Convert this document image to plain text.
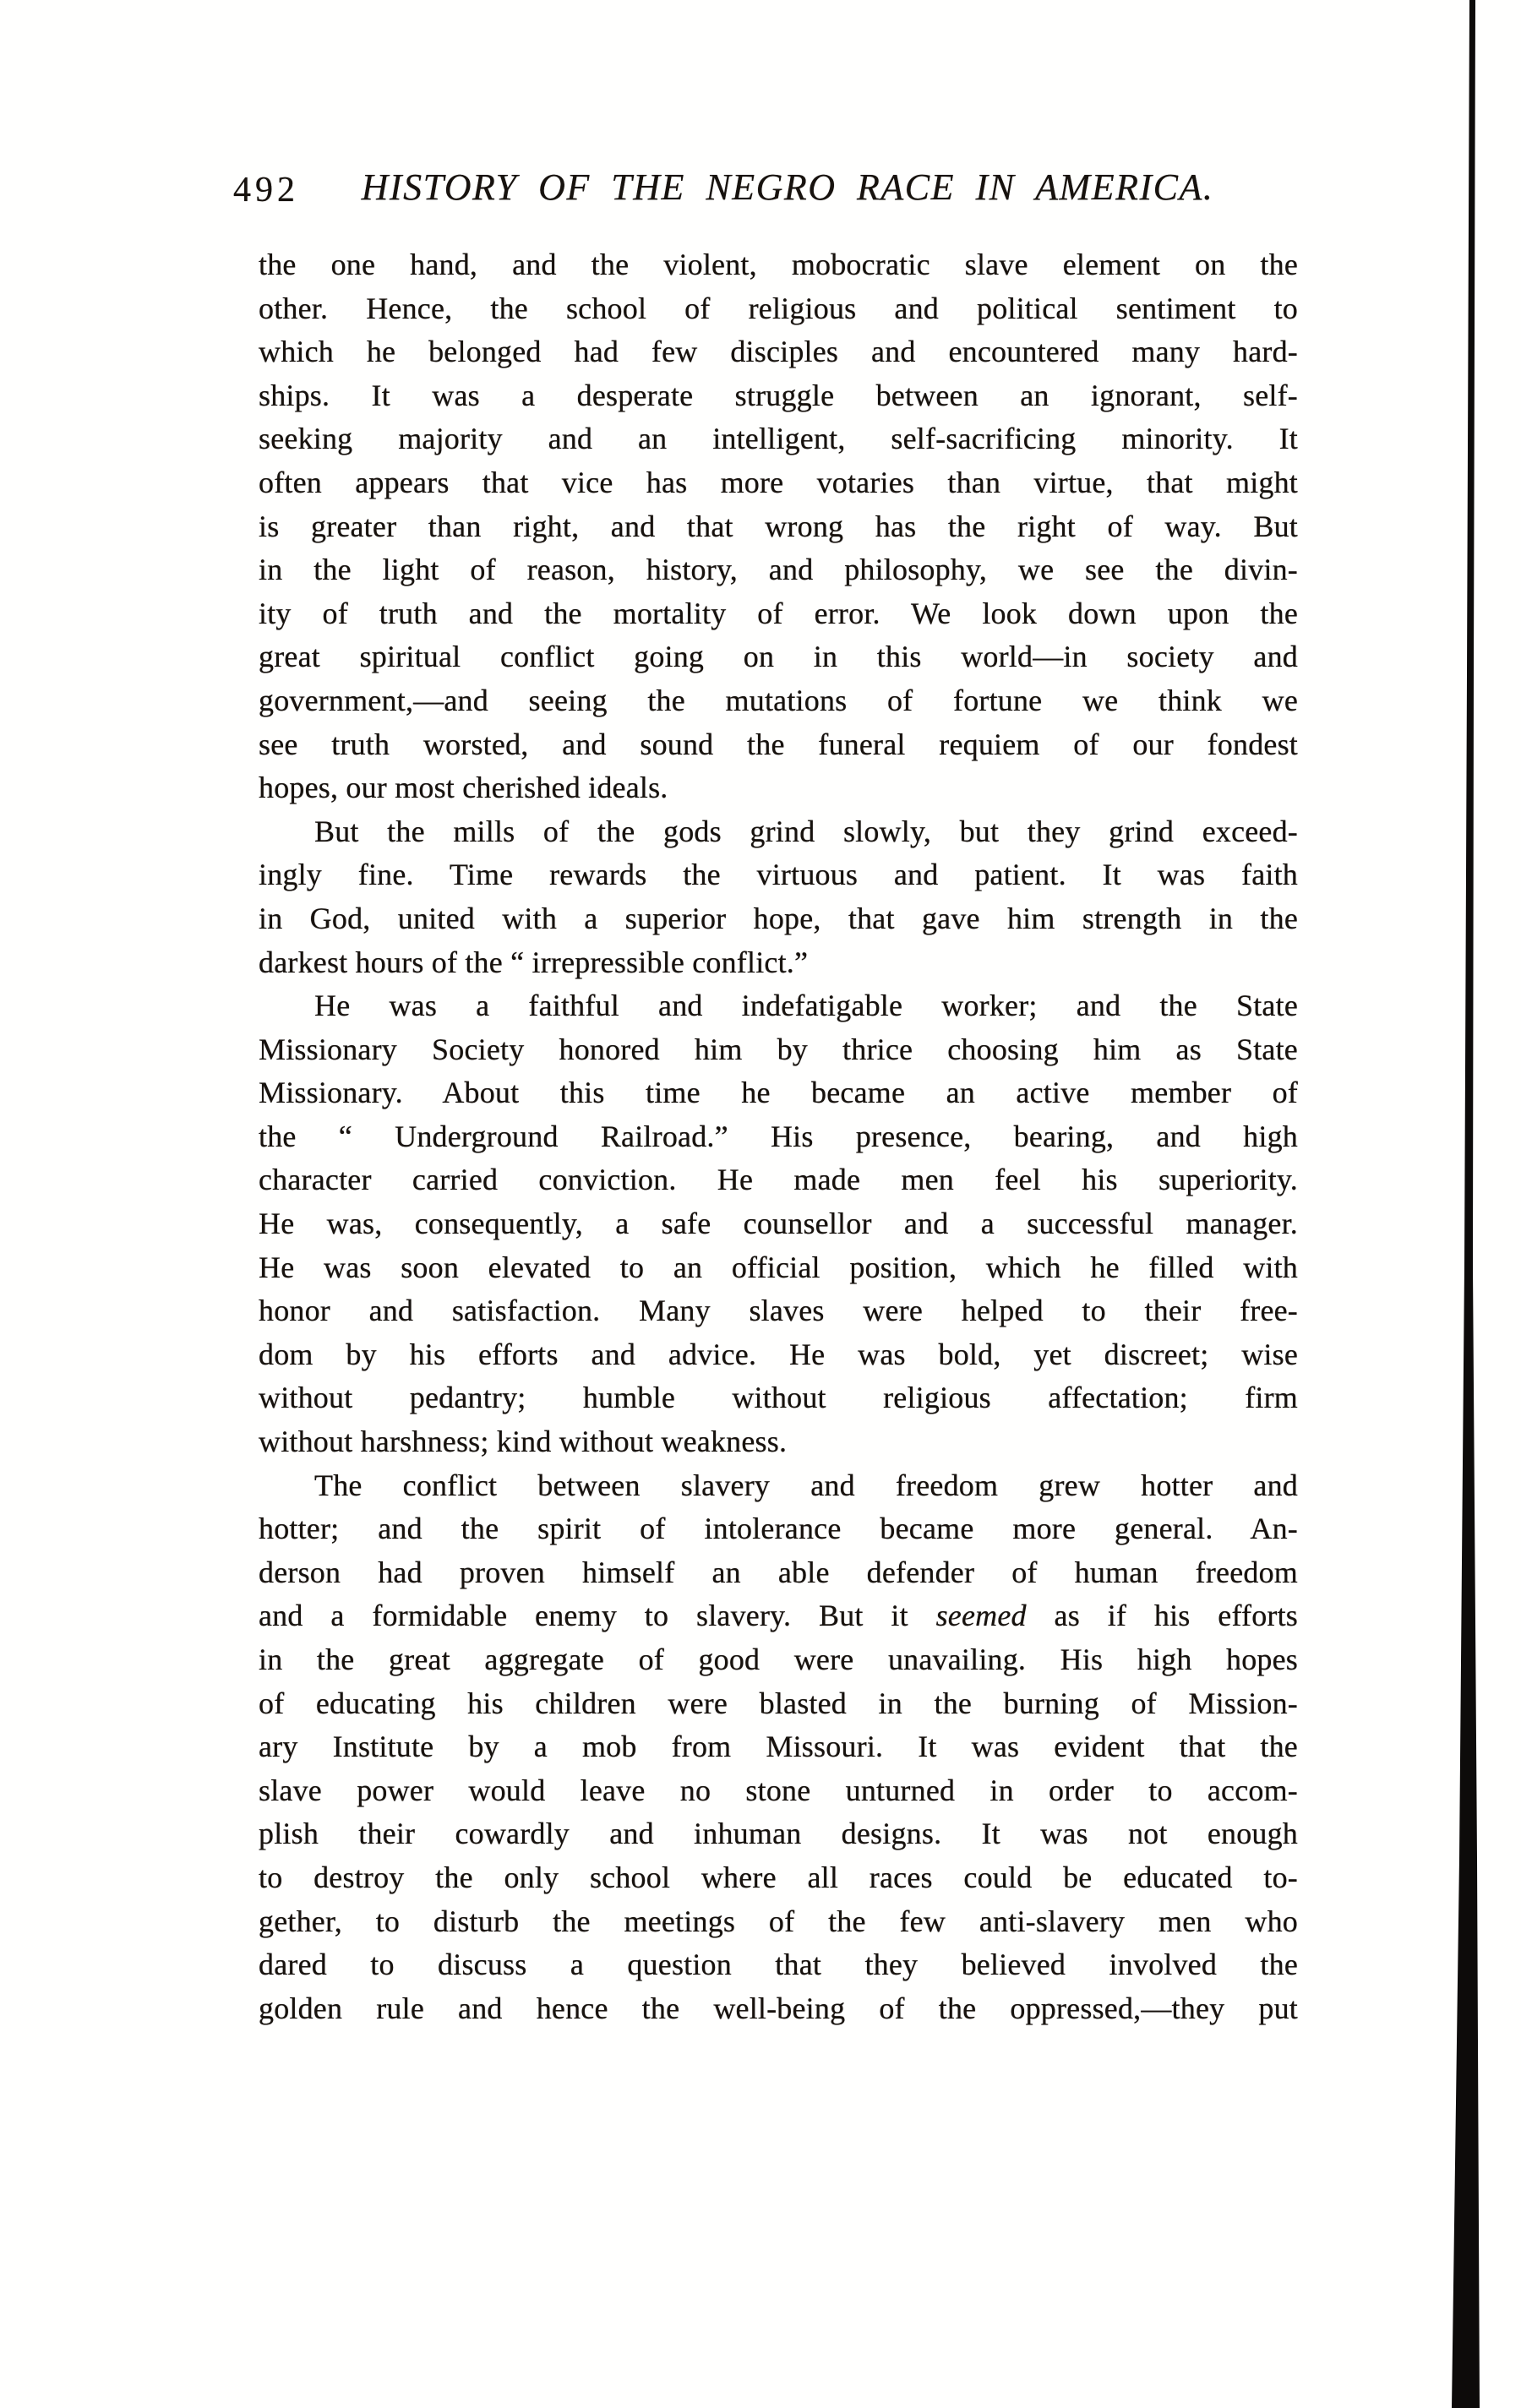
492	HISTORY OF THE NEGRO RACE IN AMERICA.
the one hand, and the violent, mobocratic slave element on the
other. Hence, the school of religious and political sentiment to
which he belonged had few disciples and encountered many hard-
ships. It was a desperate struggle between an ignorant, self-
seeking majority and an intelligent, self-sacrificing minority. It
often appears that vice has more votaries than virtue, that might
is greater than right, and that wrong has the right of way. But
in the light of reason, history, and philosophy, we see the divin-
ity of truth and the mortality of error. We look down upon the
great spiritual conflict going on in this world—in society and
government,—and seeing the mutations of fortune we think we
see truth worsted, and sound the funeral requiem of our fondest
hopes, our most cherished ideals.
But the mills of the gods grind slowly, but they grind exceed-
ingly fine. Time rewards the virtuous and patient. It was faith
in God, united with a superior hope, that gave him strength in the
darkest hours of the “ irrepressible conflict.”
He was a faithful and indefatigable worker; and the State
Missionary Society honored him by thrice choosing him as State
Missionary. About this time he became an active member of
the “ Underground Railroad.” His presence, bearing, and high
character carried conviction. He made men feel his superiority.
He was, consequently, a safe counsellor and a successful manager.
He was soon elevated to an official position, which he filled with
honor and satisfaction. Many slaves were helped to their free-
dom by his efforts and advice. He was bold, yet discreet; wise
without pedantry; humble without religious affectation; firm
without harshness; kind without weakness.
The conflict between slavery and freedom grew hotter and
hotter; and the spirit of intolerance became more general. An-
derson had proven himself an able defender of human freedom
and a formidable enemy to slavery. But it seemed as if his efforts
in the great aggregate of good were unavailing. His high hopes
of educating his children were blasted in the burning of Mission-
ary Institute by a mob from Missouri. It was evident that the
slave power would leave no stone unturned in order to accom-
plish their cowardly and inhuman designs. It was not enough
to destroy the only school where all races could be educated to-
gether, to disturb the meetings of the few anti-slavery men who
dared to discuss a question that they believed involved the
golden rule and hence the well-being of the oppressed,—they put
